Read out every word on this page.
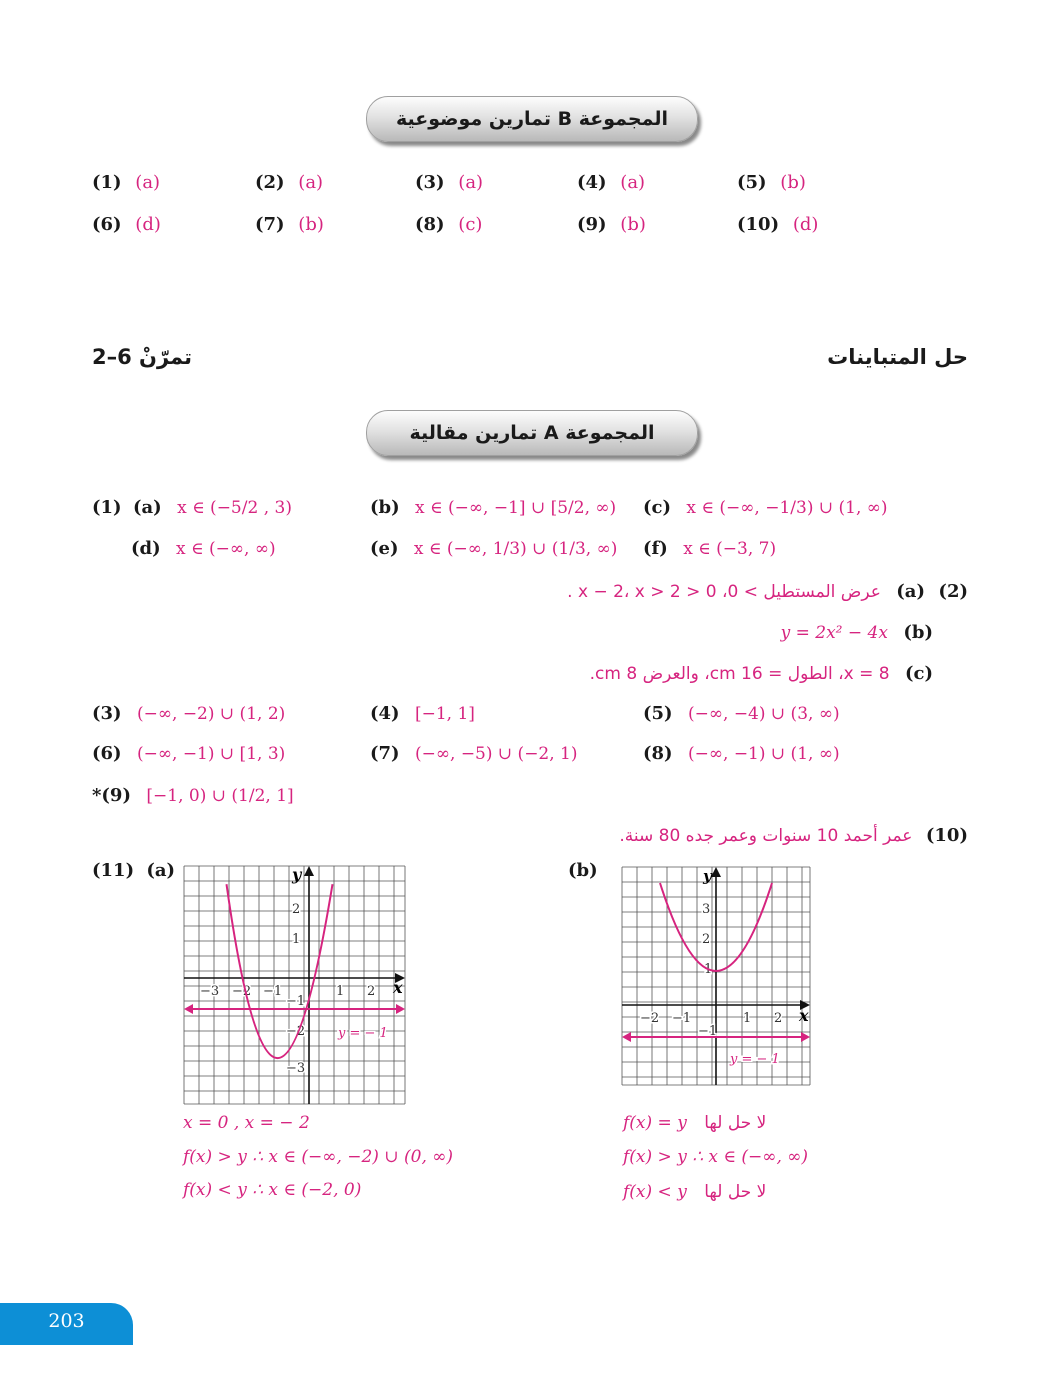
المجموعة B تمارين موضوعية
(1) (a)	(2) (a)	(3) (a)	(4) (a)	(5) (b)
(6) (d)	(7) (b)	(8) (c)	(9) (b)	(10) (d)
تمرّنْ 6–2	حل المتباينات
المجموعة A تمارين مقالية
(1) (a) x ∈ (−5/2 , 3)	(b) x ∈ (−∞, −1] ∪ [5/2, ∞) (c) x ∈ (−∞, −1/3) ∪ (1, ∞)
(d) x ∈ (−∞, ∞)	(e) x ∈ (−∞, 1/3) ∪ (1/3, ∞) (f) x ∈ (−3, 7)
(2) (a) عرض المستطيل > 0، 0 < x − 2، x > 2 .
(b) y = 2x² − 4x
(c) x = 8، الطول = 16 cm، والعرض 8 cm.
(3) (−∞, −2) ∪ (1, 2)	(4) [−1, 1]	(5) (−∞, −4) ∪ (3, ∞)
(6) (−∞, −1) ∪ [1, 3)	(7) (−∞, −5) ∪ (−2, 1)	(8) (−∞, −1) ∪ (1, ∞)
*(9) [−1, 0) ∪ (1/2, 1]
(10) عمر أحمد 10 سنوات وعمر جده 80 سنة.
(11) (a)	(b)
x
y
−3 −2 −1	1 2
2
1
−1
−2
−3
y = − 1
x = 0 , x = − 2
f(x) > y ∴ x ∈ (−∞, −2) ∪ (0, ∞)
f(x) < y ∴ x ∈ (−2, 0)
x
y
−2 −1	1 2
3
2
1
−1
y = − 1
f(x) = y لا حل لها
f(x) > y ∴ x ∈ (−∞, ∞)
f(x) < y لا حل لها
203
